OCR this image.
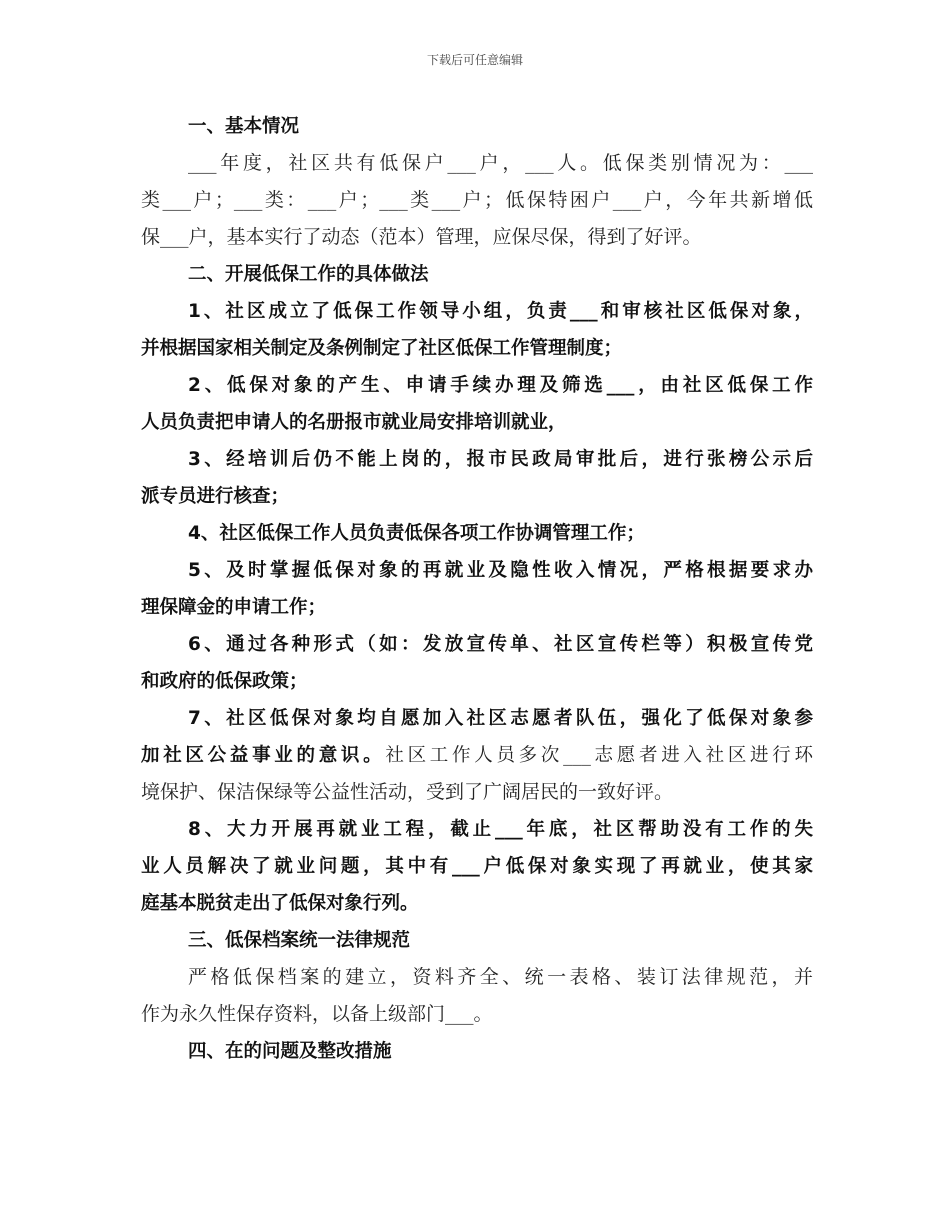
下载后可任意编辑
一、基本情况
___年度，社区共有低保户___户，___人。低保类别情况为：___
类___户；___类：___户；___类___户；低保特困户___户，今年共新增低
保___户，基本实行了动态（范本）管理，应保尽保，得到了好评。
二、开展低保工作的具体做法
1、社区成立了低保工作领导小组，负责___和审核社区低保对象，
并根据国家相关制定及条例制定了社区低保工作管理制度；
2、低保对象的产生、申请手续办理及筛选___，由社区低保工作
人员负责把申请人的名册报市就业局安排培训就业，
3、经培训后仍不能上岗的，报市民政局审批后，进行张榜公示后
派专员进行核查；
4、社区低保工作人员负责低保各项工作协调管理工作；
5、及时掌握低保对象的再就业及隐性收入情况，严格根据要求办
理保障金的申请工作；
6、通过各种形式（如：发放宣传单、社区宣传栏等）积极宣传党
和政府的低保政策；
7、社区低保对象均自愿加入社区志愿者队伍，强化了低保对象参
加社区公益事业的意识。社区工作人员多次___志愿者进入社区进行环
境保护、保洁保绿等公益性活动，受到了广阔居民的一致好评。
8、大力开展再就业工程，截止___年底，社区帮助没有工作的失
业人员解决了就业问题，其中有___户低保对象实现了再就业，使其家
庭基本脱贫走出了低保对象行列。
三、低保档案统一法律规范
严格低保档案的建立，资料齐全、统一表格、装订法律规范，并
作为永久性保存资料，以备上级部门___。
四、在的问题及整改措施
